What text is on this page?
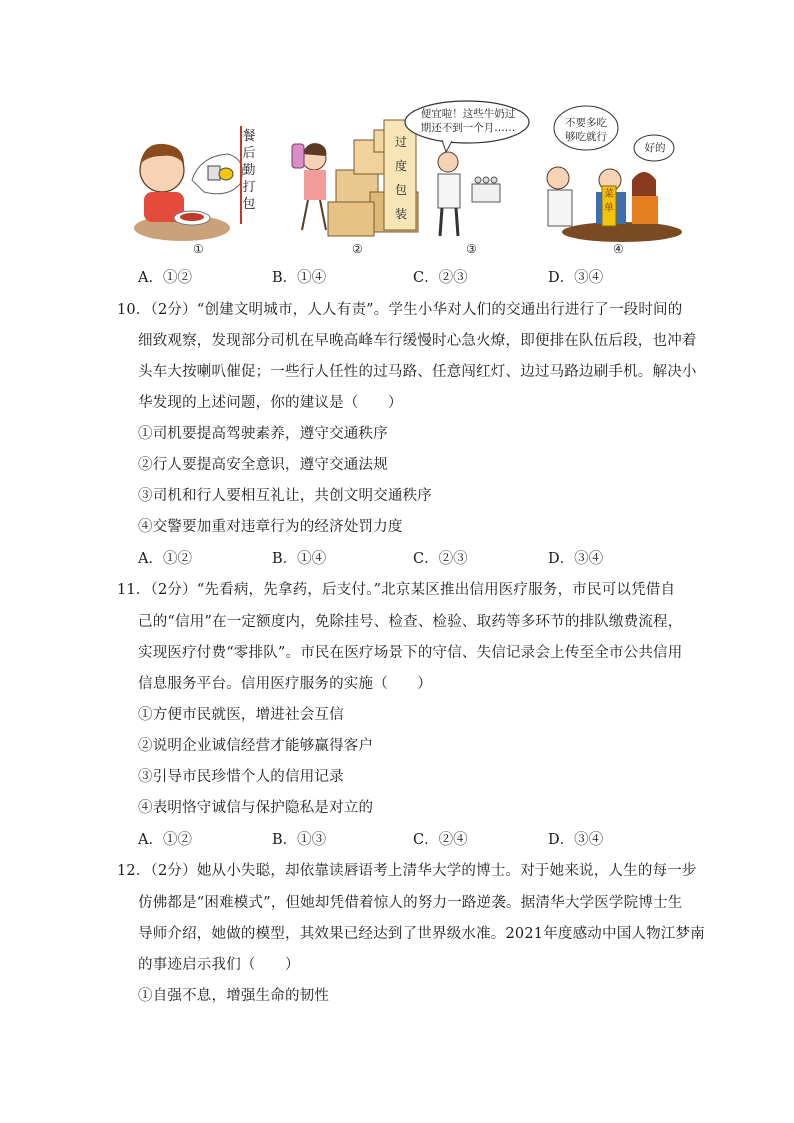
餐后勤打包
①
过度包装
②
便宜啦！这些牛奶过
期还不到一个月……
③
不要多吃
够吃就行
好的
菜单
④
A．①②	B．①④	C．②③	D．③④
10．（2分）“创建文明城市，人人有责”。学生小华对人们的交通出行进行了一段时间的
细致观察，发现部分司机在早晚高峰车行缓慢时心急火燎，即便排在队伍后段，也冲着
头车大按喇叭催促；一些行人任性的过马路、任意闯红灯、边过马路边刷手机。解决小
华发现的上述问题，你的建议是（　　）
①司机要提高驾驶素养，遵守交通秩序
②行人要提高安全意识，遵守交通法规
③司机和行人要相互礼让，共创文明交通秩序
④交警要加重对违章行为的经济处罚力度
A．①②	B．①④	C．②③	D．③④
11．（2分）“先看病，先拿药，后支付。”北京某区推出信用医疗服务，市民可以凭借自
己的“信用”在一定额度内，免除挂号、检查、检验、取药等多环节的排队缴费流程，
实现医疗付费“零排队”。市民在医疗场景下的守信、失信记录会上传至全市公共信用
信息服务平台。信用医疗服务的实施（　　）
①方便市民就医，增进社会互信
②说明企业诚信经营才能够赢得客户
③引导市民珍惜个人的信用记录
④表明恪守诚信与保护隐私是对立的
A．①②	B．①③	C．②④	D．③④
12．（2分）她从小失聪，却依靠读唇语考上清华大学的博士。对于她来说，人生的每一步
仿佛都是“困难模式”，但她却凭借着惊人的努力一路逆袭。据清华大学医学院博士生
导师介绍，她做的模型，其效果已经达到了世界级水准。2021年度感动中国人物江梦南
的事迹启示我们（　　）
①自强不息，增强生命的韧性
